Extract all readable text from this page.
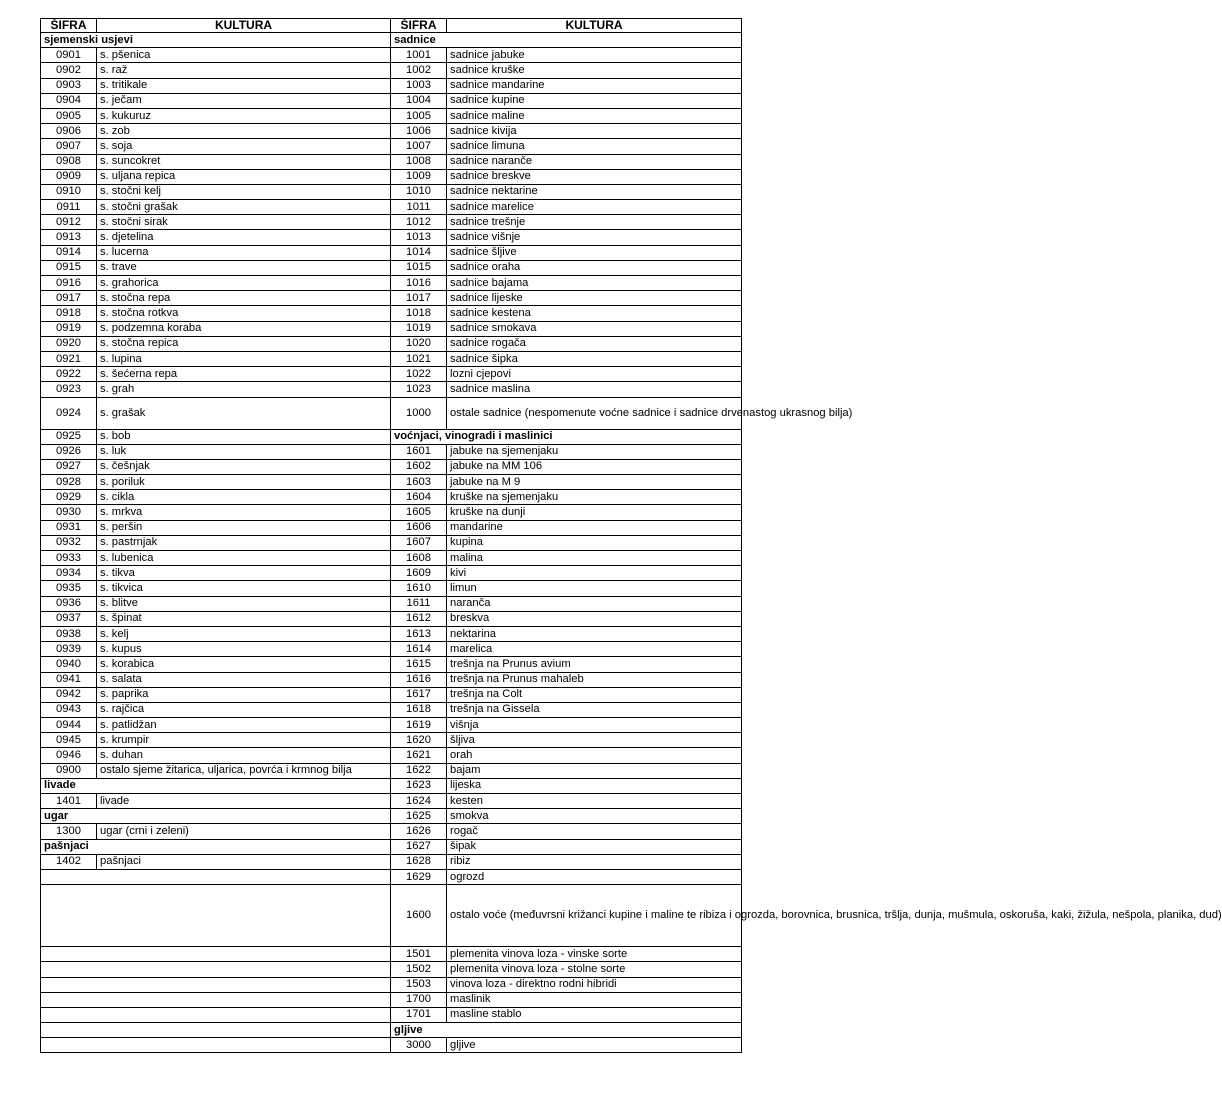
ŠIFRA	KULTURA	ŠIFRA	KULTURA
sjemenski usjevi		sadnice	
0901	s. pšenica	1001	sadnice jabuke
0902	s. raž	1002	sadnice kruške
0903	s. tritikale	1003	sadnice mandarine
0904	s. ječam	1004	sadnice kupine
0905	s. kukuruz	1005	sadnice maline
0906	s. zob	1006	sadnice kivija
0907	s. soja	1007	sadnice limuna
0908	s. suncokret	1008	sadnice naranče
0909	s. uljana repica	1009	sadnice breskve
0910	s. stočni kelj	1010	sadnice nektarine
0911	s. stočni grašak	1011	sadnice marelice
0912	s. stočni sirak	1012	sadnice trešnje
0913	s. djetelina	1013	sadnice višnje
0914	s. lucerna	1014	sadnice šljive
0915	s. trave	1015	sadnice oraha
0916	s. grahorica	1016	sadnice bajama
0917	s. stočna repa	1017	sadnice lijeske
0918	s. stočna rotkva	1018	sadnice kestena
0919	s. podzemna koraba	1019	sadnice smokava
0920	s. stočna repica	1020	sadnice rogača
0921	s. lupina	1021	sadnice šipka
0922	s. šećerna repa	1022	lozni cjepovi
0923	s. grah	1023	sadnice maslina
0924	s. grašak	1000	ostale sadnice (nespomenute voćne sadnice i sadnice drvenastog ukrasnog bilja)
0925	s. bob	voćnjaci, vinogradi i maslinici	
0926	s. luk	1601	jabuke na sjemenjaku
0927	s. češnjak	1602	jabuke na MM 106
0928	s. poriluk	1603	jabuke na M 9
0929	s. cikla	1604	kruške na sjemenjaku
0930	s. mrkva	1605	kruške na dunji
0931	s. peršin	1606	mandarine
0932	s. pastrnjak	1607	kupina
0933	s. lubenica	1608	malina
0934	s. tikva	1609	kivi
0935	s. tikvica	1610	limun
0936	s. blitve	1611	naranča
0937	s. špinat	1612	breskva
0938	s. kelj	1613	nektarina
0939	s. kupus	1614	marelica
0940	s. korabica	1615	trešnja na Prunus avium
0941	s. salata	1616	trešnja na Prunus mahaleb
0942	s. paprika	1617	trešnja na Colt
0943	s. rajčica	1618	trešnja na Gissela
0944	s. patlidžan	1619	višnja
0945	s. krumpir	1620	šljiva
0946	s. duhan	1621	orah
0900	ostalo sjeme žitarica, uljarica, povrća i krmnog bilja	1622	bajam
livade		1623	lijeska
1401	livade	1624	kesten
ugar		1625	smokva
1300	ugar (crni i zeleni)	1626	rogač
pašnjaci		1627	šipak
1402	pašnjaci	1628	ribiz
		1629	ogrozd
		1600	ostalo voće (međuvrsni križanci kupine i maline te ribiza i ogrozda, borovnica, brusnica, tršlja, dunja, mušmula, oskoruša, kaki, žižula, nešpola, planika, dud)
		1501	plemenita vinova loza - vinske sorte
		1502	plemenita vinova loza - stolne sorte
		1503	vinova loza - direktno rodni hibridi
		1700	maslinik
		1701	masline stablo
		gljive	
		3000	gljive
